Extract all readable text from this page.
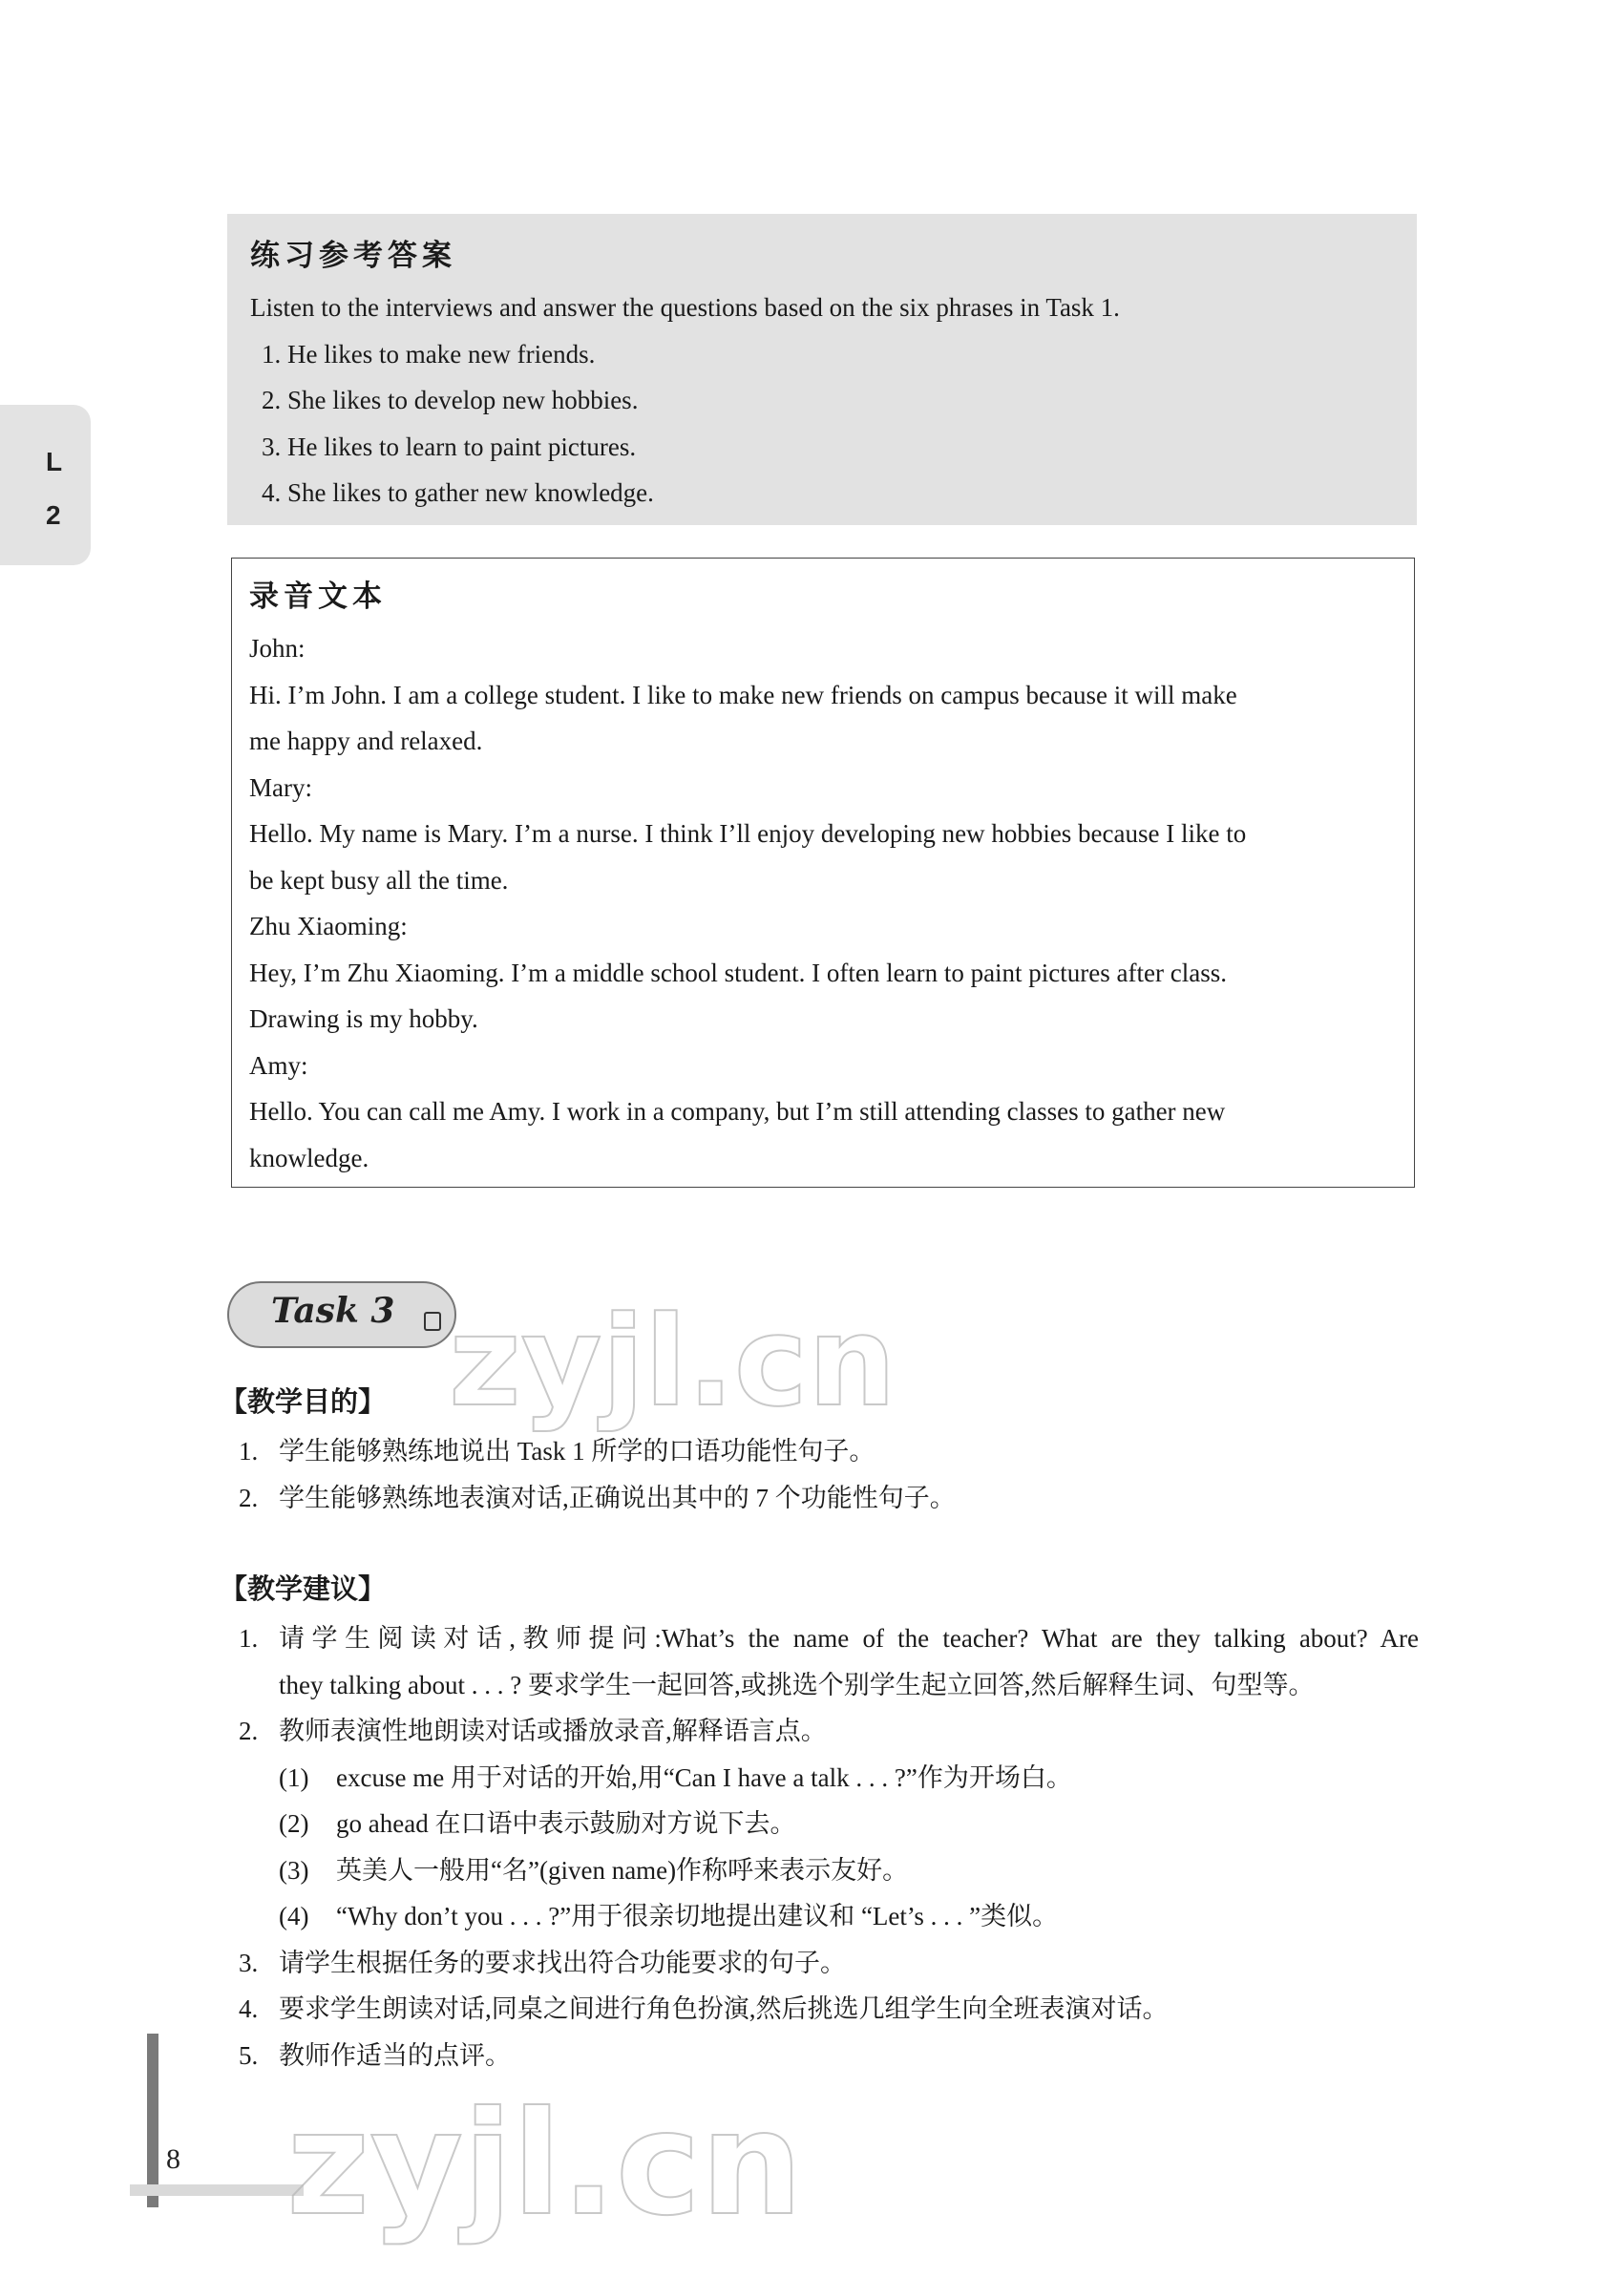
L
2

练习参考答案

Listen to the interviews and answer the questions based on the six phrases in Task 1.

1. He likes to make new friends.

2. She likes to develop new hobbies.

3. He likes to learn to paint pictures.

4. She likes to gather new knowledge.

录音文本

John:

Hi. I’m John. I am a college student. I like to make new friends on campus because it will make

me happy and relaxed.

Mary:

Hello. My name is Mary. I’m a nurse. I think I’ll enjoy developing new hobbies because I like to

be kept busy all the time.

Zhu Xiaoming:

Hey, I’m Zhu Xiaoming. I’m a middle school student. I often learn to paint pictures after class.

Drawing is my hobby.

Amy:

Hello. You can call me Amy. I work in a company, but I’m still attending classes to gather new

knowledge.

Task 3

【教学目的】

1. 学生能够熟练地说出 Task 1 所学的口语功能性句子。
2. 学生能够熟练地表演对话,正确说出其中的 7 个功能性句子。

【教学建议】

1. 请学生阅读对话,教师提问:What’s the name of the teacher? What are they talking about? Are
they talking about . . . ? 要求学生一起回答,或挑选个别学生起立回答,然后解释生词、句型等。
2. 教师表演性地朗读对话或播放录音,解释语言点。
(1) excuse me 用于对话的开始,用“Can I have a talk . . . ?”作为开场白。
(2) go ahead 在口语中表示鼓励对方说下去。
(3) 英美人一般用“名”(given name)作称呼来表示友好。
(4) “Why don’t you . . . ?”用于很亲切地提出建议和 “Let’s . . . ”类似。
3. 请学生根据任务的要求找出符合功能要求的句子。
4. 要求学生朗读对话,同桌之间进行角色扮演,然后挑选几组学生向全班表演对话。
5. 教师作适当的点评。

8

zyjl.cn

zyjl.cn
